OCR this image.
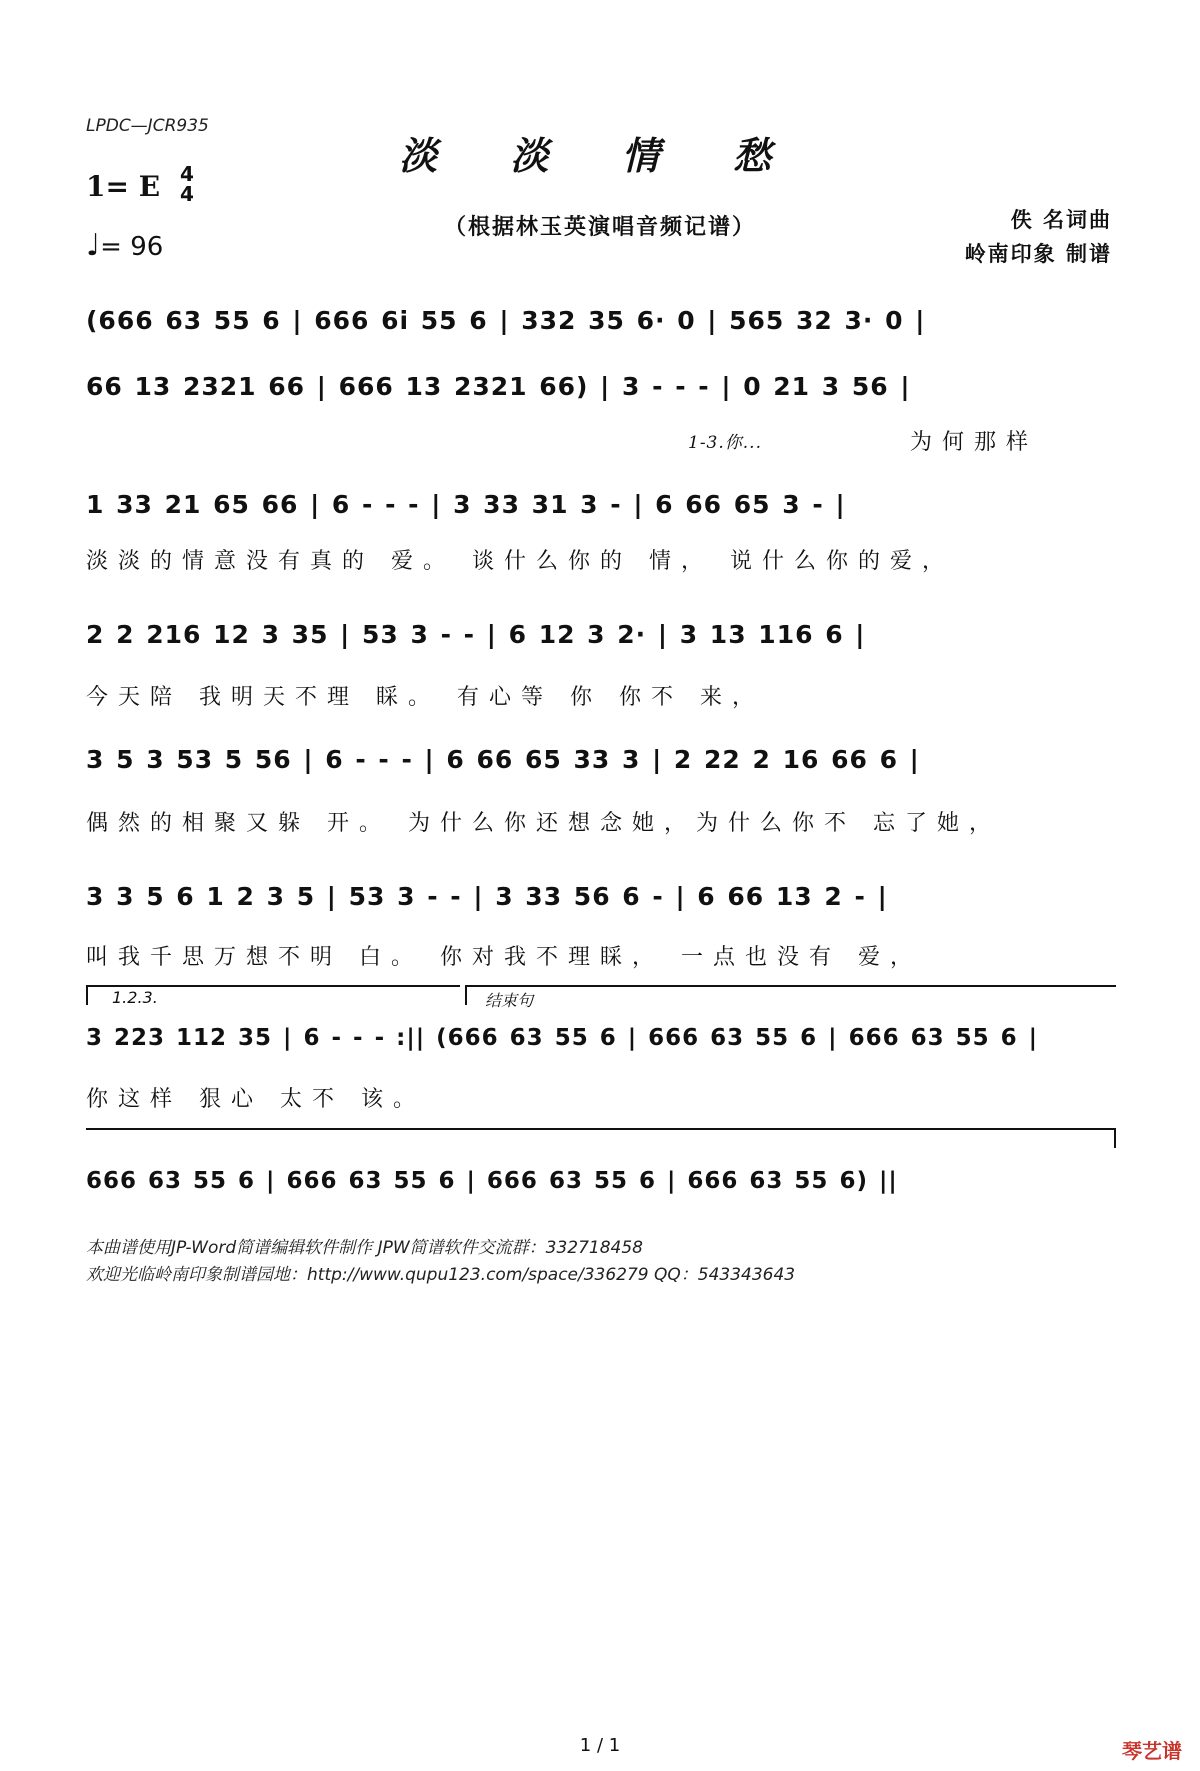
LPDC—JCR935
淡 淡 情 愁
1= E 4
4
♩= 96
（根据林玉英演唱音频记谱）	佚 名词曲
岭南印象 制谱
(666 63 55 6 | 666 6i 55 6 | 332 35 6· 0 | 565 32 3· 0 |
66 13 2321 66 | 666 13 2321 66) | 3 - - - | 0 21 3 56 |
1-3.你...	为何那样
1 33 21 65 66 | 6 - - - | 3 33 31 3 - | 6 66 65 3 - |
淡淡的情意没有真的 爱。 谈什么你的 情， 说什么你的爱，
2 2 216 12 3 35 | 53 3 - - | 6 12 3 2· | 3 13 116 6 |
今天陪 我明天不理 睬。 有心等 你 你不 来，
3 5 3 53 5 56 | 6 - - - | 6 66 65 33 3 | 2 22 2 16 66 6 |
偶然的相聚又躲 开。 为什么你还想念她，为什么你不 忘了她，
3 3 5 6 1 2 3 5 | 53 3 - - | 3 33 56 6 - | 6 66 13 2 - |
叫我千思万想不明 白。 你对我不理睬， 一点也没有 爱，
1.2.3.	结束句
3 223 112 35 | 6 - - - :|| (666 63 55 6 | 666 63 55 6 | 666 63 55 6 |
你这样 狠心 太不 该。
666 63 55 6 | 666 63 55 6 | 666 63 55 6 | 666 63 55 6) ||
本曲谱使用JP-Word简谱编辑软件制作 JPW简谱软件交流群：332718458
欢迎光临岭南印象制谱园地：http://www.qupu123.com/space/336279 QQ：543343643
1 / 1	琴艺谱
